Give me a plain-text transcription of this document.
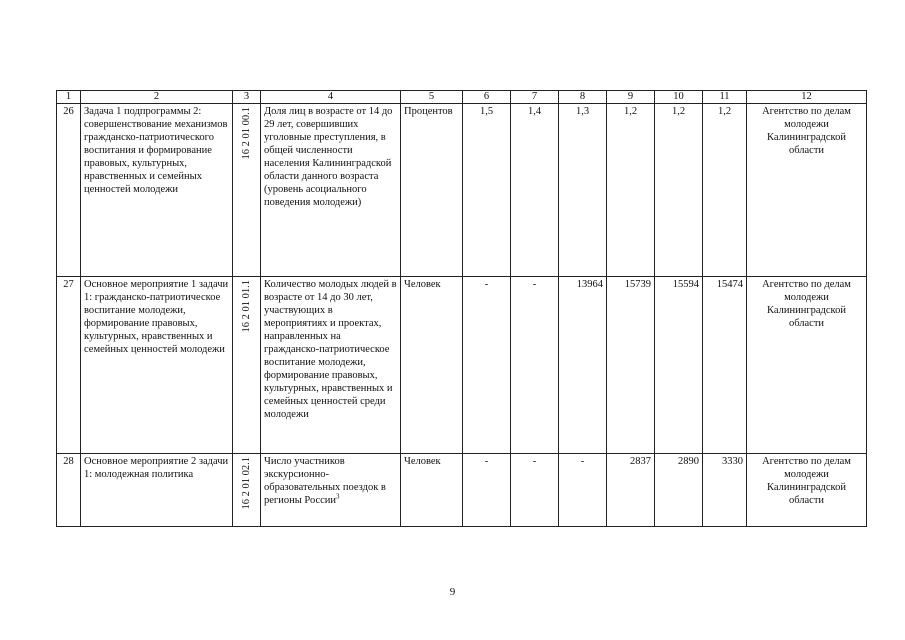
1	2	3	4	5	6	7	8	9	10	11	12
26	Задача 1 подпрограммы 2: совершенствование механизмов гражданско-патриотического воспитания и формирование правовых, культурных, нравственных и семейных ценностей молодежи	16 2 01 00.1	Доля лиц в возрасте от 14 до 29 лет, совершивших уголовные преступления, в общей численности населения Калининградской области данного возраста (уровень асоциального поведения молодежи)	Процентов	1,5	1,4	1,3	1,2	1,2	1,2	Агентство по делам молодежи Калининградской области
27	Основное мероприятие 1 задачи 1: гражданско-патриотическое воспитание молодежи, формирование правовых, культурных, нравственных и семейных ценностей молодежи	16 2 01 01.1	Количество молодых людей в возрасте от 14 до 30 лет, участвующих в мероприятиях и проектах, направленных на гражданско-патриотическое воспитание молодежи, формирование правовых, культурных, нравственных и семейных ценностей среди молодежи	Человек	-	-	13964	15739	15594	15474	Агентство по делам молодежи Калининградской области
28	Основное мероприятие 2 задачи 1: молодежная политика	16 2 01 02.1	Число участников экскурсионно-образовательных поездок в регионы России$^3$	Человек	-	-	-	2837	2890	3330	Агентство по делам молодежи Калининградской области
9
